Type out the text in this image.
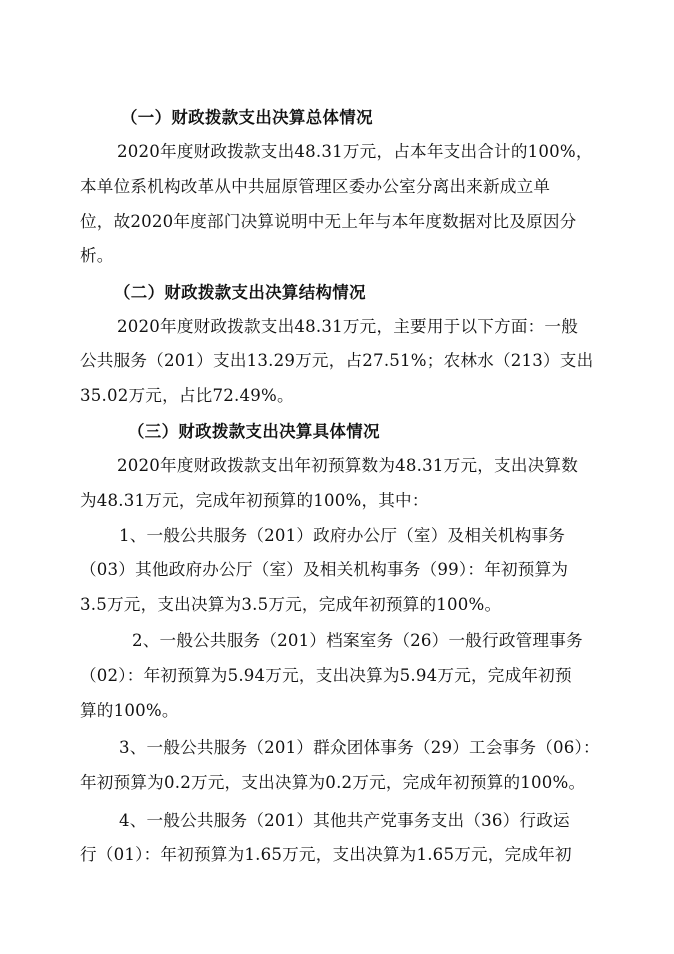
（一）财政拨款支出决算总体情况
2020年度财政拨款支出48.31万元，占本年支出合计的100%，
本单位系机构改革从中共屈原管理区委办公室分离出来新成立单
位，故2020年度部门决算说明中无上年与本年度数据对比及原因分
析。
（二）财政拨款支出决算结构情况
2020年度财政拨款支出48.31万元，主要用于以下方面：一般
公共服务（201）支出13.29万元，占27.51%；农林水（213）支出
35.02万元，占比72.49%。
（三）财政拨款支出决算具体情况
2020年度财政拨款支出年初预算数为48.31万元，支出决算数
为48.31万元，完成年初预算的100%，其中：
1、一般公共服务（201）政府办公厅（室）及相关机构事务
（03）其他政府办公厅（室）及相关机构事务（99）：年初预算为
3.5万元，支出决算为3.5万元，完成年初预算的100%。
2、一般公共服务（201）档案室务（26）一般行政管理事务
（02）：年初预算为5.94万元，支出决算为5.94万元，完成年初预
算的100%。
3、一般公共服务（201）群众团体事务（29）工会事务（06）：
年初预算为0.2万元，支出决算为0.2万元，完成年初预算的100%。
4、一般公共服务（201）其他共产党事务支出（36）行政运
行（01）：年初预算为1.65万元，支出决算为1.65万元，完成年初
